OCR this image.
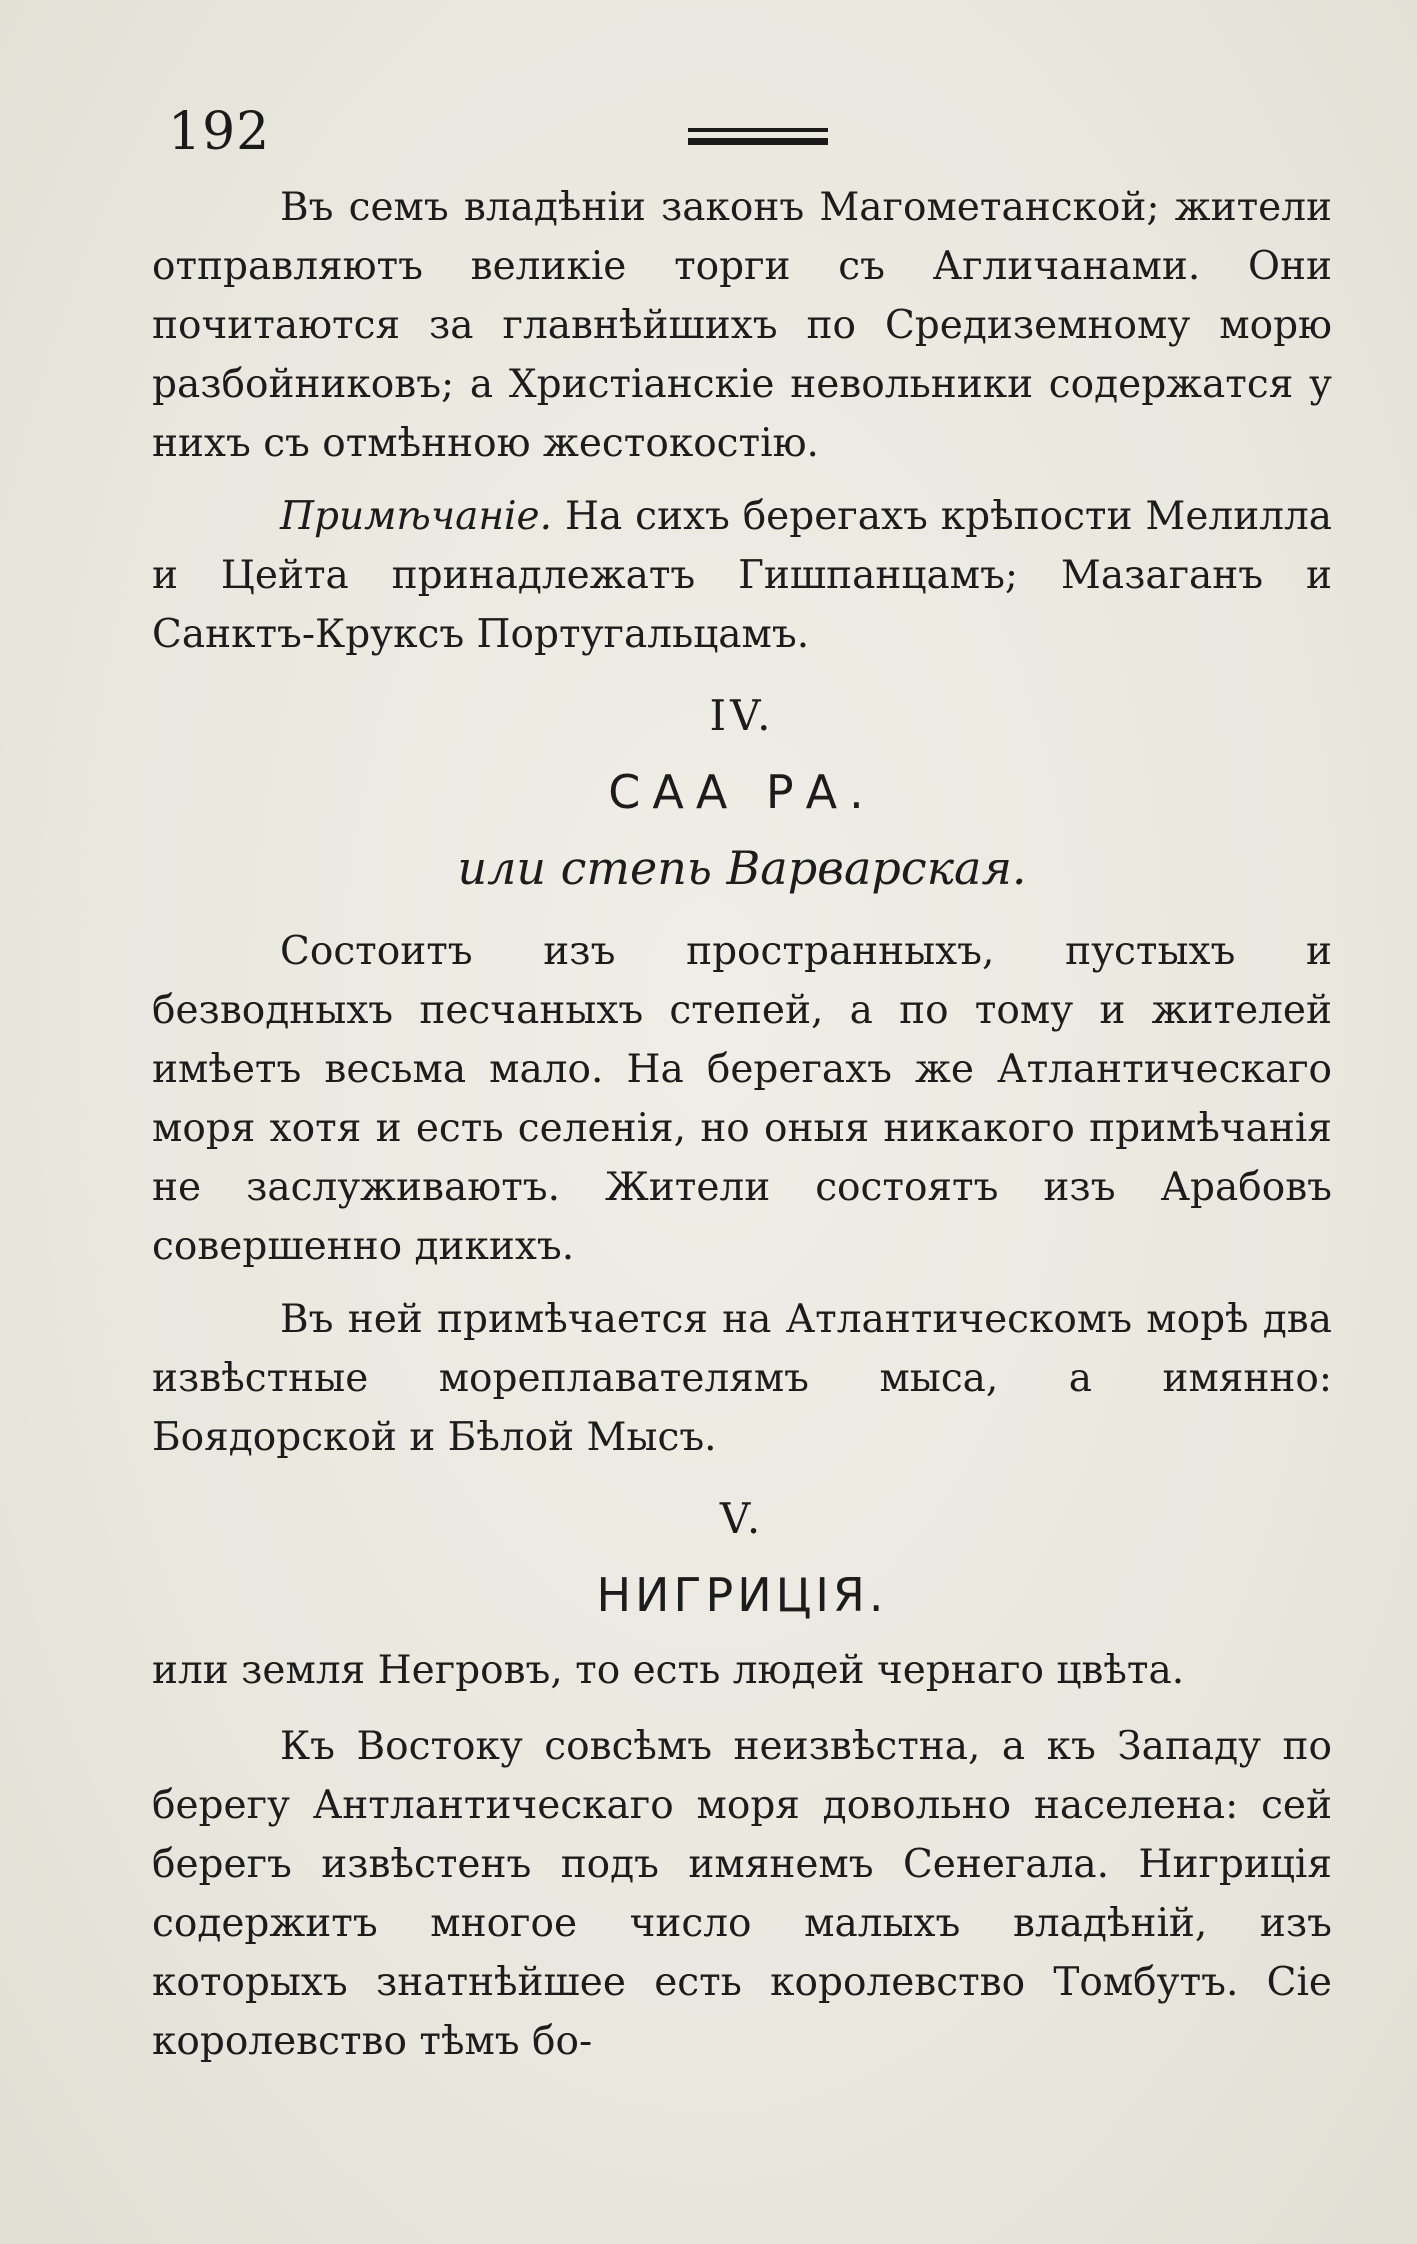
192

Въ семъ владѣнiи законъ Магометанской; жители отправляютъ великiе торги съ Агличанами. Они почитаются за главнѣйшихъ по Средиземному морю разбойниковъ; а Христiанскiе невольники содержатся у нихъ съ отмѣнною жестокостiю.

Примѣчанiе. На сихъ берегахъ крѣпости Мелилла и Цейта принадлежатъ Гишпанцамъ; Мазаганъ и Санктъ-Круксъ Португальцамъ.

IV.
САА РА.
или степь Варварская.

Состоитъ изъ пространныхъ, пустыхъ и безводныхъ песчаныхъ степей, а по тому и жителей имѣетъ весьма мало. На берегахъ же Атлантическаго моря хотя и есть селенiя, но оныя никакого примѣчанiя не заслуживаютъ. Жители состоятъ изъ Арабовъ совершенно дикихъ.

Въ ней примѣчается на Атлантическомъ морѣ два извѣстные мореплавателямъ мыса, а имянно: Боядорской и Бѣлой Мысъ.

V.
НИГРИЦIЯ.
или земля Негровъ, то есть людей чернаго цвѣта.

Къ Востоку совсѣмъ неизвѣстна, а къ Западу по берегу Антлантическаго моря довольно населена: сей берегъ извѣстенъ подъ имянемъ Сенегала. Нигрицiя содержитъ многое число малыхъ владѣнiй, изъ которыхъ знатнѣйшее есть королевство Томбутъ. Сiе королевство тѣмъ бо-
